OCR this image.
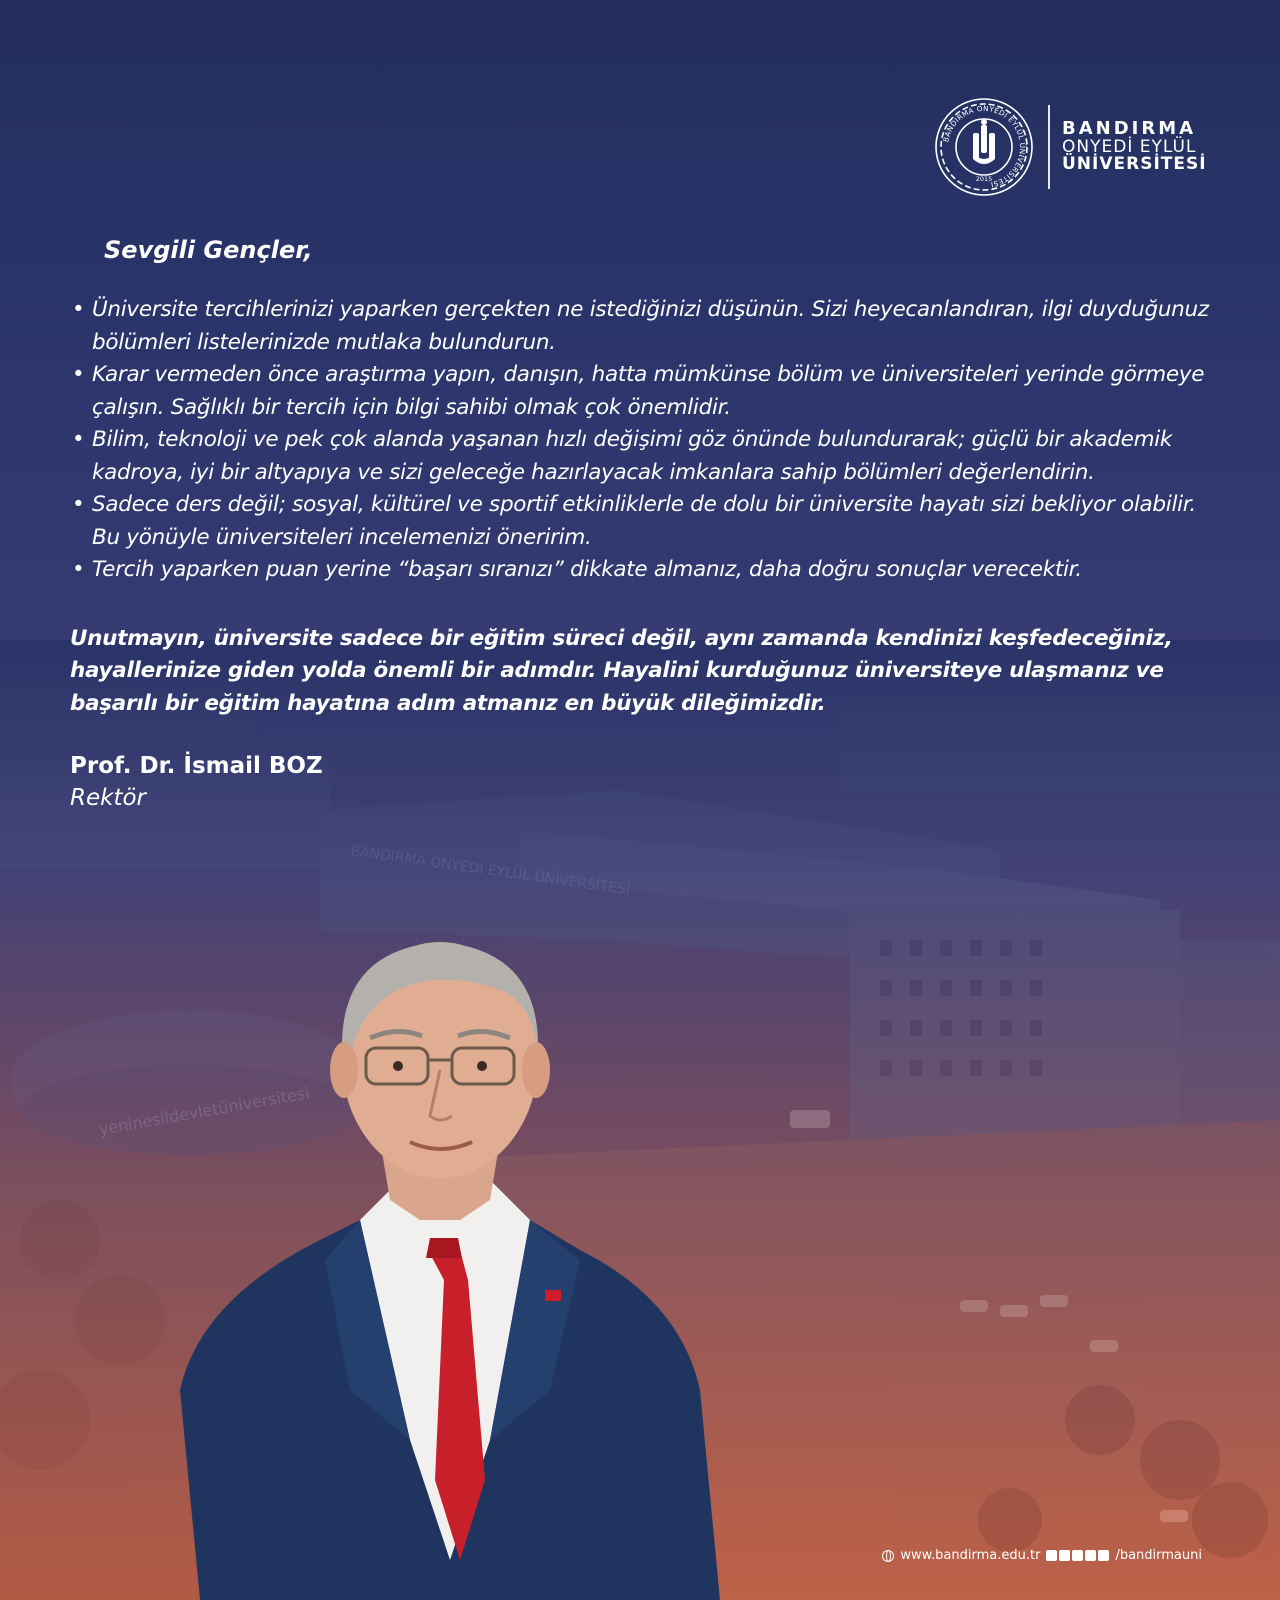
BANDIRMA ONYEDİ EYLÜL ÜNİVERSİTESİ
2015
BANDIRMA
ONYEDİ EYLÜL
ÜNİVERSİTESİ
Sevgili Gençler,
• Üniversite tercihlerinizi yaparken gerçekten ne istediğinizi düşünün. Sizi heyecanlandıran, ilgi duyduğunuz bölümleri listelerinizde mutlaka bulundurun.
• Karar vermeden önce araştırma yapın, danışın, hatta mümkünse bölüm ve üniversiteleri yerinde görmeye çalışın. Sağlıklı bir tercih için bilgi sahibi olmak çok önemlidir.
• Bilim, teknoloji ve pek çok alanda yaşanan hızlı değişimi göz önünde bulundurarak; güçlü bir akademik kadroya, iyi bir altyapıya ve sizi geleceğe hazırlayacak imkanlara sahip bölümleri değerlendirin.
• Sadece ders değil; sosyal, kültürel ve sportif etkinliklerle de dolu bir üniversite hayatı sizi bekliyor olabilir. Bu yönüyle üniversiteleri incelemenizi öneririm.
• Tercih yaparken puan yerine “başarı sıranızı” dikkate almanız, daha doğru sonuçlar verecektir.

Unutmayın, üniversite sadece bir eğitim süreci değil, aynı zamanda kendinizi keşfedeceğiniz, hayallerinize giden yolda önemli bir adımdır. Hayalini kurduğunuz üniversiteye ulaşmanız ve başarılı bir eğitim hayatına adım atmanız en büyük dileğimizdir.

Prof. Dr. İsmail BOZ
Rektör
www.bandirma.edu.tr	/bandirmauni
